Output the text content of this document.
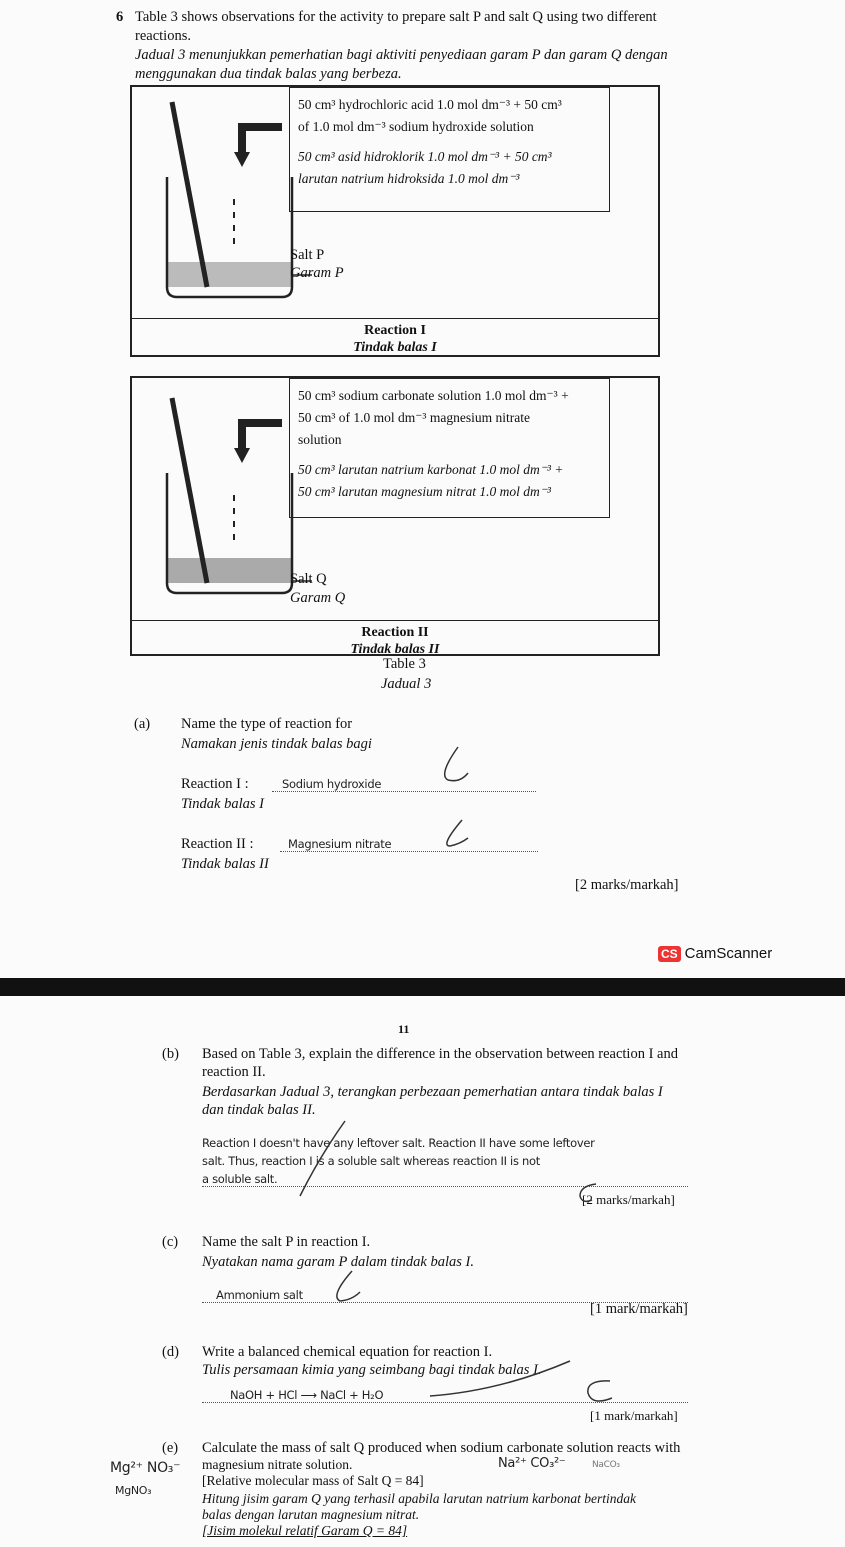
6 Table 3 shows observations for the activity to prepare salt P and salt Q using two different
reactions.
Jadual 3 menunjukkan pemerhatian bagi aktiviti penyediaan garam P dan garam Q dengan
menggunakan dua tindak balas yang berbeza.
50 cm³ hydrochloric acid 1.0 mol dm⁻³ + 50 cm³
of 1.0 mol dm⁻³ sodium hydroxide solution
50 cm³ asid hidroklorik 1.0 mol dm⁻³ + 50 cm³
larutan natrium hidroksida 1.0 mol dm⁻³
Salt P
Garam P
Reaction I
Tindak balas I
50 cm³ sodium carbonate solution 1.0 mol dm⁻³ +
50 cm³ of 1.0 mol dm⁻³ magnesium nitrate
solution
50 cm³ larutan natrium karbonat 1.0 mol dm⁻³ +
50 cm³ larutan magnesium nitrat 1.0 mol dm⁻³
Salt Q
Garam Q
Reaction II
Tindak balas II
Table 3
Jadual 3
(a) Name the type of reaction for
Namakan jenis tindak balas bagi
Reaction I :	Sodium hydroxide
Tindak balas I
Reaction II :	Magnesium nitrate
Tindak balas II
[2 marks/markah]
CS CamScanner
11
(b) Based on Table 3, explain the difference in the observation between reaction I and
reaction II.
Berdasarkan Jadual 3, terangkan perbezaan pemerhatian antara tindak balas I
dan tindak balas II.
Reaction I doesn't have any leftover salt. Reaction II have some leftover
salt. Thus, reaction I is a soluble salt whereas reaction II is not
a soluble salt.
[2 marks/markah]
(c) Name the salt P in reaction I.
Nyatakan nama garam P dalam tindak balas I.
Ammonium salt
[1 mark/markah]
(d) Write a balanced chemical equation for reaction I.
Tulis persamaan kimia yang seimbang bagi tindak balas I.
NaOH + HCl ⟶ NaCl + H₂O
[1 mark/markah]
(e) Calculate the mass of salt Q produced when sodium carbonate solution reacts with
magnesium nitrate solution.
[Relative molecular mass of Salt Q = 84]
Hitung jisim garam Q yang terhasil apabila larutan natrium karbonat bertindak
balas dengan larutan magnesium nitrat.
[Jisim molekul relatif Garam Q = 84]
Mg²⁺ NO₃⁻
MgNO₃
Na²⁺ CO₃²⁻	NaCO₃
